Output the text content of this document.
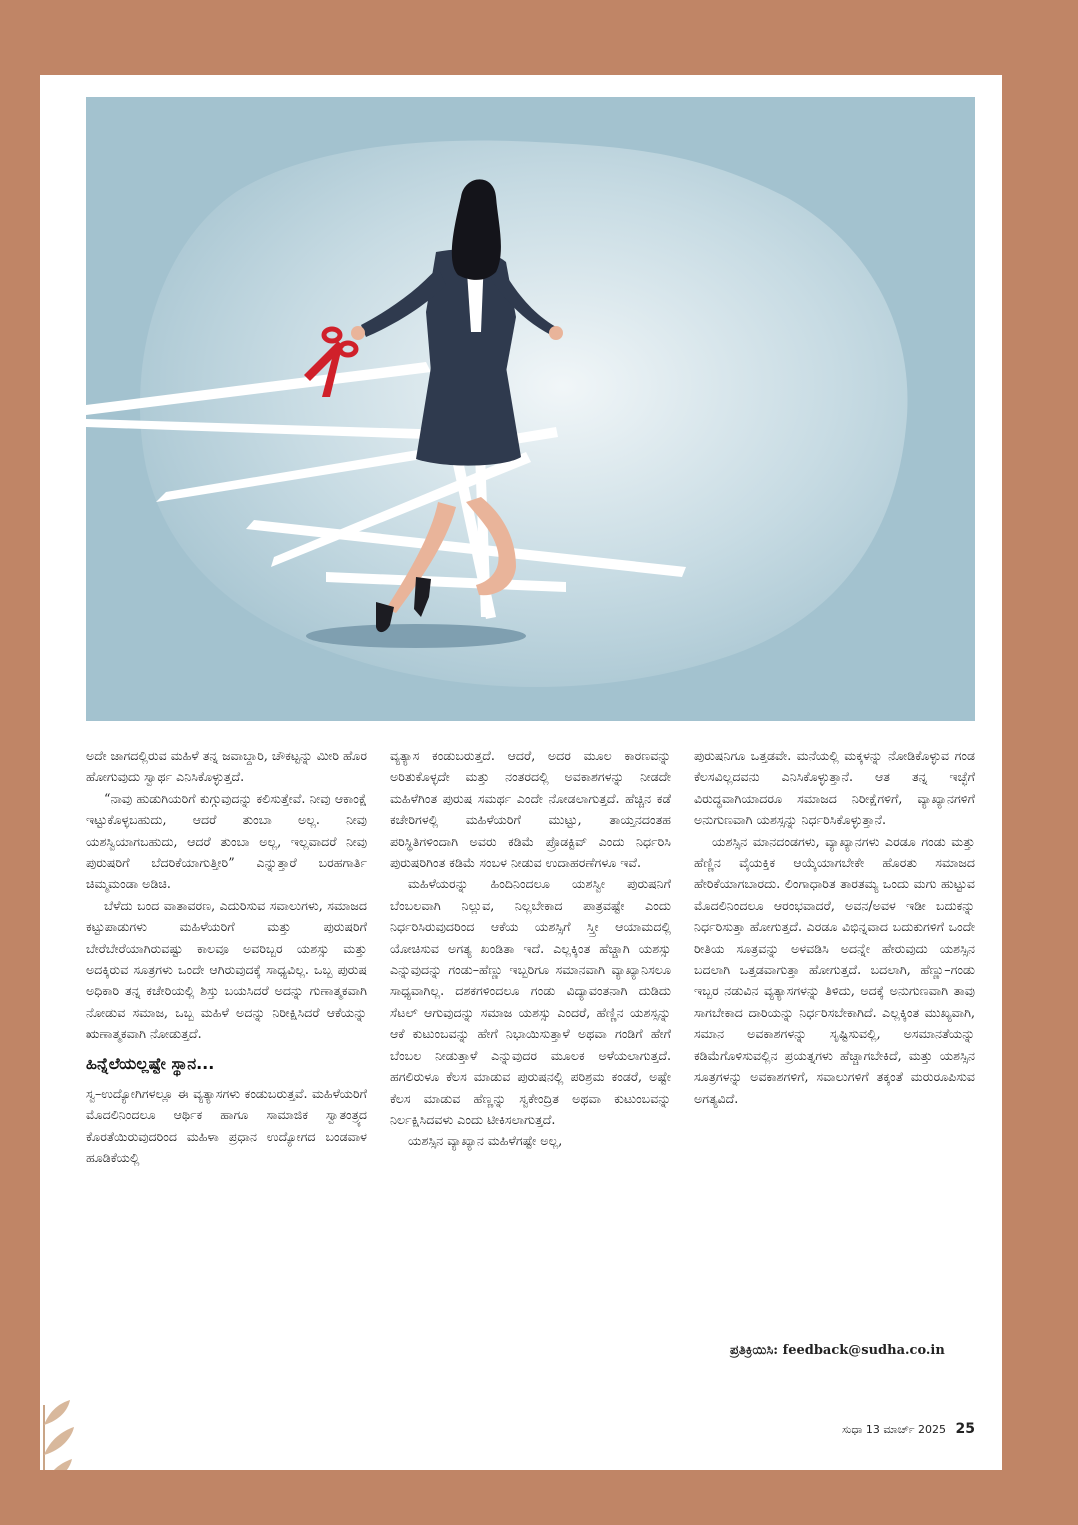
ಅದೇ ಜಾಗದಲ್ಲಿರುವ ಮಹಿಳೆ ತನ್ನ ಜವಾಬ್ದಾರಿ, ಚೌಕಟ್ಟನ್ನು ಮೀರಿ ಹೊರ ಹೋಗುವುದು ಸ್ವಾರ್ಥ ಎನಿಸಿಕೊಳ್ಳುತ್ತದೆ.

“ನಾವು ಹುಡುಗಿಯರಿಗೆ ಕುಗ್ಗುವುದನ್ನು ಕಲಿಸುತ್ತೇವೆ. ನೀವು ಆಕಾಂಕ್ಷೆ ಇಟ್ಟುಕೊಳ್ಳಬಹುದು, ಆದರೆ ತುಂಬಾ ಅಲ್ಲ. ನೀವು ಯಶಸ್ವಿಯಾಗಬಹುದು, ಆದರೆ ತುಂಬಾ ಅಲ್ಲ, ಇಲ್ಲವಾದರೆ ನೀವು ಪುರುಷರಿಗೆ ಬೆದರಿಕೆಯಾಗುತ್ತೀರಿ” ಎನ್ನುತ್ತಾರೆ ಬರಹಗಾರ್ತಿ ಚಿಮ್ಮಮಂಡಾ ಅಡಿಚಿ.

ಬೆಳೆದು ಬಂದ ವಾತಾವರಣ, ಎದುರಿಸುವ ಸವಾಲುಗಳು, ಸಮಾಜದ ಕಟ್ಟುಪಾಡುಗಳು ಮಹಿಳೆಯರಿಗೆ ಮತ್ತು ಪುರುಷರಿಗೆ ಬೇರೆಬೇರೆಯಾಗಿರುವಷ್ಟು ಕಾಲವೂ ಅವರಿಬ್ಬರ ಯಶಸ್ಸು ಮತ್ತು ಅದಕ್ಕಿರುವ ಸೂತ್ರಗಳು ಒಂದೇ ಆಗಿರುವುದಕ್ಕೆ ಸಾಧ್ಯವಿಲ್ಲ. ಒಬ್ಬ ಪುರುಷ ಅಧಿಕಾರಿ ತನ್ನ ಕಚೇರಿಯಲ್ಲಿ ಶಿಸ್ತು ಬಯಸಿದರೆ ಅದನ್ನು ಗುಣಾತ್ಮಕವಾಗಿ ನೋಡುವ ಸಮಾಜ, ಒಬ್ಬ ಮಹಿಳೆ ಅದನ್ನು ನಿರೀಕ್ಷಿಸಿದರೆ ಆಕೆಯನ್ನು ಋಣಾತ್ಮಕವಾಗಿ ನೋಡುತ್ತದೆ.

ಹಿನ್ನೆಲೆಯಲ್ಲಷ್ಟೇ ಸ್ಥಾನ...

ಸ್ವ–ಉದ್ಯೋಗಿಗಳಲ್ಲೂ ಈ ವ್ಯತ್ಯಾಸಗಳು ಕಂಡುಬರುತ್ತವೆ. ಮಹಿಳೆಯರಿಗೆ ಮೊದಲಿನಿಂದಲೂ ಆರ್ಥಿಕ ಹಾಗೂ ಸಾಮಾಜಿಕ ಸ್ವಾತಂತ್ರ್ಯದ ಕೊರತೆಯಿರುವುದರಿಂದ ಮಹಿಳಾ ಪ್ರಧಾನ ಉದ್ಯೋಗದ ಬಂಡವಾಳ ಹೂಡಿಕೆಯಲ್ಲಿ

ವ್ಯತ್ಯಾಸ ಕಂಡುಬರುತ್ತದೆ. ಆದರೆ, ಅದರ ಮೂಲ ಕಾರಣವನ್ನು ಅರಿತುಕೊಳ್ಳದೇ ಮತ್ತು ನಂತರದಲ್ಲಿ ಅವಕಾಶಗಳನ್ನು ನೀಡದೇ ಮಹಿಳೆಗಿಂತ ಪುರುಷ ಸಮರ್ಥ ಎಂದೇ ನೋಡಲಾಗುತ್ತದೆ. ಹೆಚ್ಚಿನ ಕಡೆ ಕಚೇರಿಗಳಲ್ಲಿ ಮಹಿಳೆಯರಿಗೆ ಮುಟ್ಟು, ತಾಯ್ತನದಂತಹ ಪರಿಸ್ಥಿತಿಗಳಿಂದಾಗಿ ಅವರು ಕಡಿಮೆ ಪ್ರೊಡಕ್ಟಿವ್ ಎಂದು ನಿರ್ಧರಿಸಿ ಪುರುಷರಿಗಿಂತ ಕಡಿಮೆ ಸಂಬಳ ನೀಡುವ ಉದಾಹರಣೆಗಳೂ ಇವೆ.

ಮಹಿಳೆಯರನ್ನು ಹಿಂದಿನಿಂದಲೂ ಯಶಸ್ವೀ ಪುರುಷನಿಗೆ ಬೆಂಬಲವಾಗಿ ನಿಲ್ಲುವ, ನಿಲ್ಲಬೇಕಾದ ಪಾತ್ರವಷ್ಟೇ ಎಂದು ನಿರ್ಧರಿಸಿರುವುದರಿಂದ ಆಕೆಯ ಯಶಸ್ಸಿಗೆ ಸ್ತ್ರೀ ಆಯಾಮದಲ್ಲಿ ಯೋಚಿಸುವ ಅಗತ್ಯ ಖಂಡಿತಾ ಇದೆ. ಎಲ್ಲಕ್ಕಿಂತ ಹೆಚ್ಚಾಗಿ ಯಶಸ್ಸು ಎನ್ನುವುದನ್ನು ಗಂಡು–ಹೆಣ್ಣು ಇಬ್ಬರಿಗೂ ಸಮಾನವಾಗಿ ವ್ಯಾಖ್ಯಾನಿಸಲೂ ಸಾಧ್ಯವಾಗಿಲ್ಲ. ದಶಕಗಳಿಂದಲೂ ಗಂಡು ವಿದ್ಯಾವಂತನಾಗಿ ದುಡಿದು ಸೆಟಲ್ ಆಗುವುದನ್ನು ಸಮಾಜ ಯಶಸ್ಸು ಎಂದರೆ, ಹೆಣ್ಣಿನ ಯಶಸ್ಸನ್ನು ಆಕೆ ಕುಟುಂಬವನ್ನು ಹೇಗೆ ನಿಭಾಯಿಸುತ್ತಾಳೆ ಅಥವಾ ಗಂಡಿಗೆ ಹೇಗೆ ಬೆಂಬಲ ನೀಡುತ್ತಾಳೆ ಎನ್ನುವುದರ ಮೂಲಕ ಅಳೆಯಲಾಗುತ್ತದೆ. ಹಗಲಿರುಳೂ ಕೆಲಸ ಮಾಡುವ ಪುರುಷನಲ್ಲಿ ಪರಿಶ್ರಮ ಕಂಡರೆ, ಅಷ್ಟೇ ಕೆಲಸ ಮಾಡುವ ಹೆಣ್ಣನ್ನು ಸ್ವಕೇಂದ್ರಿತ ಅಥವಾ ಕುಟುಂಬವನ್ನು ನಿರ್ಲಕ್ಷಿಸಿದವಳು ಎಂದು ಟೀಕಿಸಲಾಗುತ್ತದೆ.

ಯಶಸ್ಸಿನ ವ್ಯಾಖ್ಯಾನ ಮಹಿಳೆಗಷ್ಟೇ ಅಲ್ಲ,

ಪುರುಷನಿಗೂ ಒತ್ತಡವೇ. ಮನೆಯಲ್ಲಿ ಮಕ್ಕಳನ್ನು ನೋಡಿಕೊಳ್ಳುವ ಗಂಡ ಕೆಲಸವಿಲ್ಲದವನು ಎನಿಸಿಕೊಳ್ಳುತ್ತಾನೆ. ಆತ ತನ್ನ ಇಚ್ಛೆಗೆ ವಿರುದ್ಧವಾಗಿಯಾದರೂ ಸಮಾಜದ ನಿರೀಕ್ಷೆಗಳಿಗೆ, ವ್ಯಾಖ್ಯಾನಗಳಿಗೆ ಅನುಗುಣವಾಗಿ ಯಶಸ್ಸನ್ನು ನಿರ್ಧರಿಸಿಕೊಳ್ಳುತ್ತಾನೆ.

ಯಶಸ್ಸಿನ ಮಾನದಂಡಗಳು, ವ್ಯಾಖ್ಯಾನಗಳು ಎರಡೂ ಗಂಡು ಮತ್ತು ಹೆಣ್ಣಿನ ವೈಯಕ್ತಿಕ ಆಯ್ಕೆಯಾಗಬೇಕೇ ಹೊರತು ಸಮಾಜದ ಹೇರಿಕೆಯಾಗಬಾರದು. ಲಿಂಗಾಧಾರಿತ ತಾರತಮ್ಯ ಒಂದು ಮಗು ಹುಟ್ಟುವ ಮೊದಲಿನಿಂದಲೂ ಆರಂಭವಾದರೆ, ಅವನ/ಅವಳ ಇಡೀ ಬದುಕನ್ನು ನಿರ್ಧರಿಸುತ್ತಾ ಹೋಗುತ್ತದೆ. ಎರಡೂ ವಿಭಿನ್ನವಾದ ಬದುಕುಗಳಿಗೆ ಒಂದೇ ರೀತಿಯ ಸೂತ್ರವನ್ನು ಅಳವಡಿಸಿ ಅದನ್ನೇ ಹೇರುವುದು ಯಶಸ್ಸಿನ ಬದಲಾಗಿ ಒತ್ತಡವಾಗುತ್ತಾ ಹೋಗುತ್ತದೆ. ಬದಲಾಗಿ, ಹೆಣ್ಣು–ಗಂಡು ಇಬ್ಬರ ನಡುವಿನ ವ್ಯತ್ಯಾಸಗಳನ್ನು ತಿಳಿದು, ಅದಕ್ಕೆ ಅನುಗುಣವಾಗಿ ತಾವು ಸಾಗಬೇಕಾದ ದಾರಿಯನ್ನು ನಿರ್ಧರಿಸಬೇಕಾಗಿದೆ. ಎಲ್ಲಕ್ಕಿಂತ ಮುಖ್ಯವಾಗಿ, ಸಮಾನ ಅವಕಾಶಗಳನ್ನು ಸೃಷ್ಟಿಸುವಲ್ಲಿ, ಅಸಮಾನತೆಯನ್ನು ಕಡಿಮೆಗೊಳಿಸುವಲ್ಲಿನ ಪ್ರಯತ್ನಗಳು ಹೆಚ್ಚಾಗಬೇಕಿದೆ, ಮತ್ತು ಯಶಸ್ಸಿನ ಸೂತ್ರಗಳನ್ನು ಅವಕಾಶಗಳಿಗೆ, ಸವಾಲುಗಳಿಗೆ ತಕ್ಕಂತೆ ಮರುರೂಪಿಸುವ ಅಗತ್ಯವಿದೆ.

ಪ್ರತಿಕ್ರಿಯಿಸಿ: feedback@sudha.co.in
ಸುಧಾ 13 ಮಾರ್ಚ್ 2025 25
